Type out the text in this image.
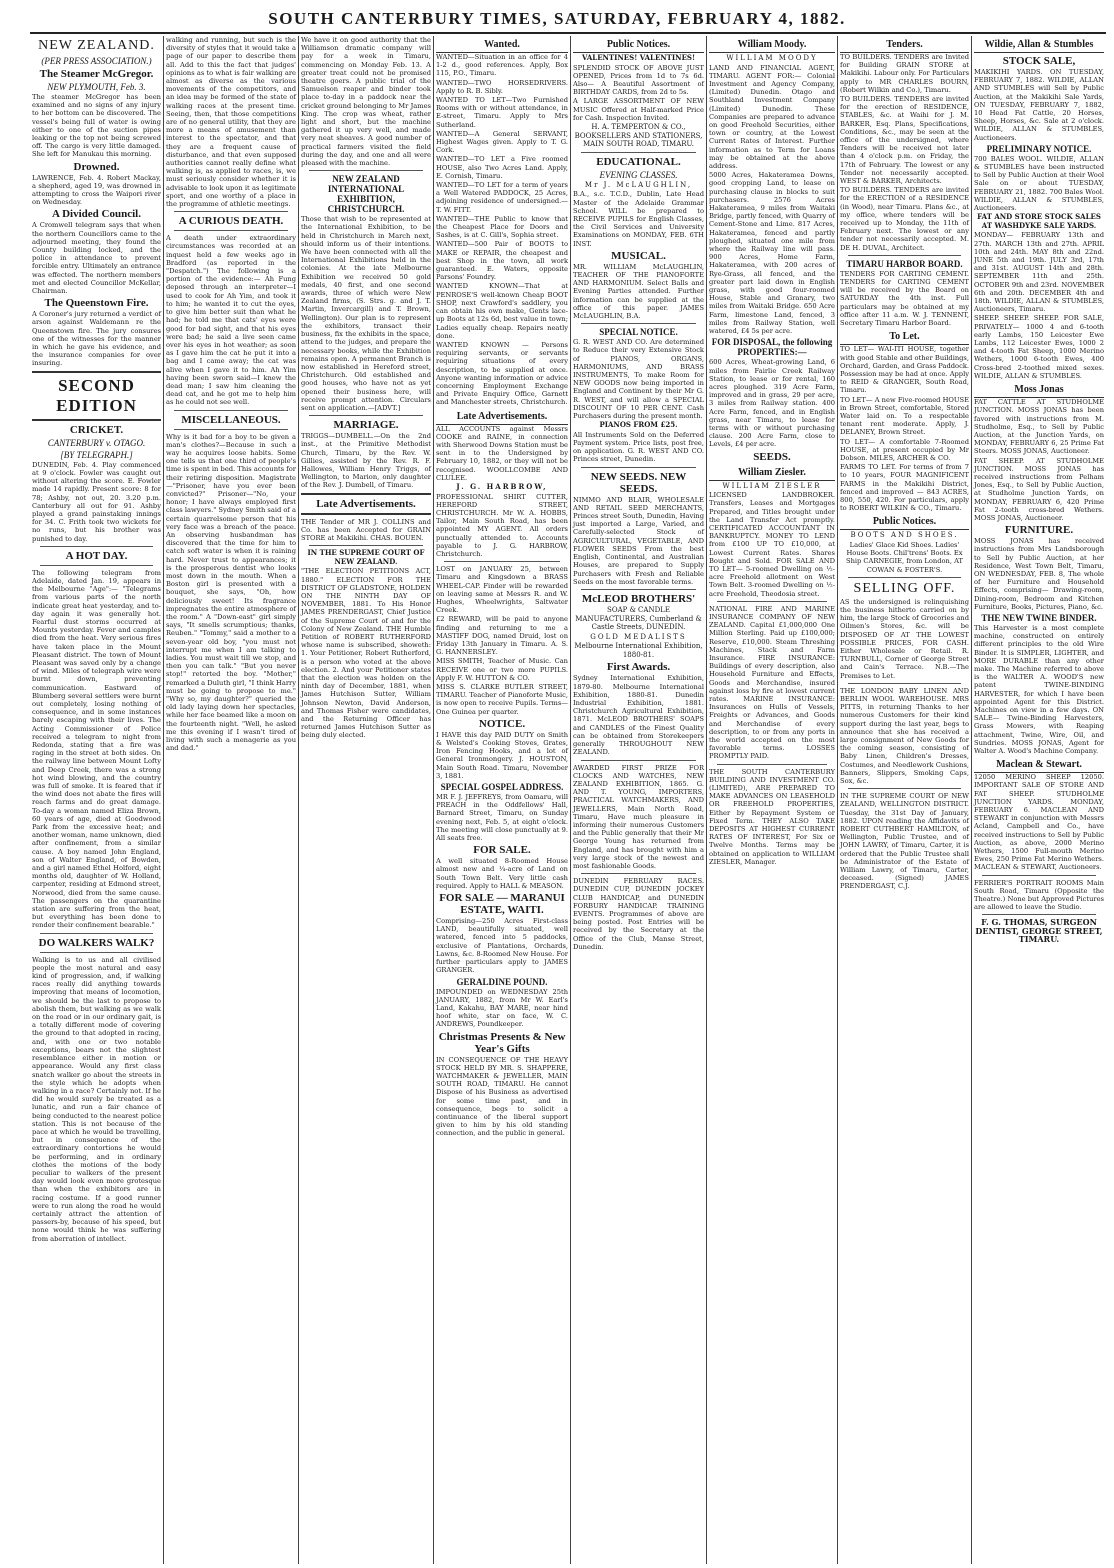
SOUTH CANTERBURY TIMES, SATURDAY, FEBRUARY 4, 1882.
NEW ZEALAND.
(PER PRESS ASSOCIATION.)
The Steamer McGregor.
NEW PLYMOUTH, Feb. 3.

The steamer McGregor has been examined and no signs of any injury to her bottom can be discovered. The vessel's being full of water is owing either to one of the suction pipes leaking or the top not being screwed off. The cargo is very little damaged. She left for Manukau this morning.

Drowned.

LAWRENCE, Feb. 4. Robert Mackay, a shepherd, aged 19, was drowned in attempting to cross the Waipori river on Wednesday.

A Divided Council.

A Cromwell telegram says that when the northern Councillors came to the adjourned meeting, they found the County building locked, and the police in attendance to prevent forcible entry. Ultimately an entrance was effected. The northern members met and elected Councillor McKellar, Chairman.

The Queenstown Fire.

A Coroner's jury returned a verdict of arson against Waldemann re the Queenstown fire. The jury consures one of the witnesses for the manner in which he gave his evidence, and the insurance companies for over insuring.

SECOND EDITION
CRICKET.
CANTERBURY v. OTAGO.
[BY TELEGRAPH.]

DUNEDIN, Feb. 4. Play commenced at 9 o'clock. Fowler was caught out without altering the score. E. Fowler made 14 rapidly. Present score: 8 for 78; Ashby, not out, 20. 3.20 p.m. Canterbury all out for 91. Ashby played a grand painstaking innings for 34. C. Frith took two wickets for no runs, but his brother was punished to day.

A HOT DAY.

The following telegram from Adelaide, dated Jan. 19, appears in the Melbourne "Age":— "Telegrams from various parts of the north indicate great heat yesterday, and to-day again it was generally hot. Fearful dust storms occurred at Mounts yesterday. Fever and camples died from the heat. Very serious fires have taken place in the Mount Pleasant district. The town of Mount Pleasant was saved only by a change of wind. Miles of telegraph wire were burnt down, preventing communication. Eastward of Blumberg several settlers were burnt out completely, losing nothing of consequence, and in some instances barely escaping with their lives. The Acting Commissioner of Police received a telegram to night from Redonda, stating that a fire was raging in the street at both sides. On the railway line between Mount Lofty and Deep Creek, there was a strong hot wind blowing, and the country was full of smoke. It is feared that if the wind does not abate the fires will reach farms and do great damage. To-day a woman named Eliza Brown, 60 years of age, died at Goodwood Park from the excessive heat; and another woman, name unknown, died after confinement, from a similar cause. A boy named John England, son of Walter England, of Bowden, and a girl named Ethel Holford, eight months old, daughter of W. Holland, carpenter, residing at Edmond street, Norwood, died from the same cause. The passengers on the quarantine station are suffering from the heat, but everything has been done to render their confinement bearable."

DO WALKERS WALK?

Walking is to us and all civilised people the most natural and easy kind of progression, and, if walking races really did anything towards improving that means of locomotion, we should be the last to propose to abolish them, but walking as we walk on the road or in our ordinary gait, is a totally different mode of covering the ground to that adopted in racing, and, with one or two notable exceptions, bears not the slightest resemblance either in motion or appearance. Would any first class snatch walker go about the streets in the style which he adopts when walking in a race? Certainly not. If he did he would surely be treated as a lunatic, and run a fair chance of being conducted to the nearest police station. This is not because of the pace at which he would be travelling, but in consequence of the extraordinary contortions he would be performing, and in ordinary clothes the motions of the body peculiar to walkers of the present day would look even more grotesque than when the exhibitors are in racing costume. If a good runner were to run along the road he would certainly attract the attention of passers-by, because of his speed, but none would think he was suffering from aberration of intellect.

walking and running, but such is the diversity of styles that it would take a page of our paper to describe them all. Add to this the fact that judges' opinions as to what is fair walking are almost as diverse as the various movements of the competitors, and an idea may be formed of the state of walking races at the present time. Seeing, then, that those competitions are of no general utility, that they are more a means of amusement than interest to the spectator, and that they are a frequent cause of disturbance, and that even supposed authorities cannot really define what walking is, as applied to races, is, we must seriously consider whether it is advisable to look upon it as legitimate sport, and one worthy of a place in the programme of athletic meetings.

A CURIOUS DEATH.

A death under extraordinary circumstances was recorded at an inquest held a few weeks ago in Bradford (as reported in the "Despatch.") The following is a portion of the evidence:— Ah Fung deposed through an interpreter—I used to cook for Ah Yim, and took it to him; he wanted it to cut the eyes, to give him better suit than what he had; he told me that cats' eyes were good for bad sight, and that his eyes were bad; he said a live seen came over his eyes in hot weather; as soon as I gave him the cat he put it into a bag and I came away; the cat was alive when I gave it to him. Ah Yim having been sworn said—I knew the dead man; I saw him cleaning the dead cat, and he got me to help him as he could not see well.

MISCELLANEOUS.

Why is it bad for a boy to be given a man's clothes?—Because in such a way he acquires loose habits. Some one tells us that one third of people's time is spent in bed. This accounts for their retiring disposition. Magistrate—"Prisoner, have you ever been convicted?" Prisoner—"No, your honor; I have always employed first class lawyers." Sydney Smith said of a certain quarrelsome person that his very face was a breach of the peace. An observing husbandman has discovered that the time for him to catch soft water is when it is raining hard. Never trust to appearances; it is the prosperous dentist who looks most down in the mouth. When a Boston girl is presented with a bouquet, she says, "Oh, how deliciously sweet! Its fragrance impregnates the entire atmosphere of the room." A "Down-east" girl simply says, "It smells scrumptious; thanks, Reuben." "Tommy," said a mother to a seven-year old boy, "you must not interrupt me when I am talking to ladies. You must wait till we stop, and then you can talk." "But you never stop!" retorted the boy. "Mother," remarked a Duluth girl, "I think Harry must be going to propose to me." "Why so, my daughter?" queried the old lady laying down her spectacles, while her face beamed like a moon on the fourteenth night. "Well, he asked me this evening if I wasn't tired of living with such a menagerie as you and dad."

We have it on good authority that the Williamson dramatic company will pay for a week in Timaru, commencing on Monday Feb. 13. A greater treat could not be promised theatre goers. A public trial of the Samuelson reaper and binder took place to-day in a paddock near the cricket ground belonging to Mr James King. The crop was wheat, rather light and short, but the machine gathered it up very well, and made very neat sheaves. A good number of practical farmers visited the field during the day, and one and all were pleased with the machine.

NEW ZEALAND INTERNATIONAL EXHIBITION, CHRISTCHURCH.

Those that wish to be represented at the International Exhibition, to be held in Christchurch in March next, should inform us of their intentions. We have been connected with all the International Exhibitions held in the colonies. At the late Melbourne Exhibition we received 50 gold medals, 40 first, and one second awards, three of which were New Zealand firms, (S. Strs. g. and J. T. Martin, Invercargill) and T. Brown, Wellington). Our plan is to represent the exhibitors, transact their business, fix the exhibits in the space, attend to the judges, and prepare the necessary books, while the Exhibition remains open. A permanent Branch is now established in Hereford street, Christchurch. Old established and good houses, who have not as yet opened their business here, will receive prompt attention. Circulars sent on application.—[ADVT.]

MARRIAGE.

TRIGGS—DUMBELL.—On the 2nd inst., at the Primitive Methodist Church, Timaru, by the Rev. W. Gillies, assisted by the Rev. R. F. Hallowes, William Henry Triggs, of Wellington, to Marion, only daughter of the Rev. J. Dumbell, of Timaru.

Late Advertisements.

THE Tender of MR J. COLLINS and Co. has been Accepted for GRAIN STORE at Makikihi. CHAS. BOUEN.

IN THE SUPREME COURT OF NEW ZEALAND.

"THE ELECTION PETITIONS ACT, 1880." ELECTION FOR THE DISTRICT OF GLADSTONE, HOLDEN ON THE NINTH DAY OF NOVEMBER, 1881. To His Honor JAMES PRENDERGAST, Chief Justice of the Supreme Court of and for the Colony of New Zealand. THE Humble Petition of ROBERT RUTHERFORD whose name is subscribed, showeth: 1. Your Petitioner, Robert Rutherford, is a person who voted at the above election. 2. And your Petitioner states that the election was holden on the ninth day of December, 1881, when James Hutchison Sutter, William Johnson Newton, David Anderson, and Thomas Fisher were candidates, and the Returning Officer has returned James Hutchison Sutter as being duly elected.

Wanted.

WANTED—Situation in an office for 4 1-2 d., good references. Apply, Box 115, P.O., Timaru.

WANTED—TWO HORSEDRIVERS. Apply to R. B. Sibly.

WANTED TO LET—Two Furnished Rooms with or without attendance, in E-street, Timaru. Apply to Mrs Sutherland.

WANTED—A General SERVANT, Highest Wages given. Apply to T. G. Cork.

WANTED—TO LET a Five roomed HOUSE, also Two Acres Land. Apply, E. Cornish, Timaru.

WANTED—TO LET for a term of years a Well Watered PADDOCK, 25 Acres, adjoining residence of undersigned.—T. W. FITT.

WANTED—THE Public to know that the Cheapest Place for Doors and Sashes, is at C. Gill's, Sophia street.

WANTED—500 Pair of BOOTS to MAKE or REPAIR, the cheapest and best Shop in the town, all work guaranteed. E. Waters, opposite Parsons' Foundry.

WANTED KNOWN—That at PENROSE'S well-known Cheap BOOT SHOP, next Crawford's saddlery, you can obtain his own make, Gents lace-up Boots at 12s 6d, best value in town; Ladies equally cheap. Repairs neatly done.

WANTED KNOWN — Persons requiring servants, or servants requiring situations of every description, to be supplied at once. Anyone wanting information or advice concerning Employment Exchange and Private Enquiry Office, Garnett and Manchester streets, Christchurch.

Late Advertisements.

ALL ACCOUNTS against Messrs COOKE and RAINE, in connection with Sherwood Downs Station must be sent in to the Undersigned by February 10, 1882, or they will not be recognised. WOOLLCOMBE AND CLULEE.

J. G. HARBROW,

PROFESSIONAL SHIRT CUTTER, HEREFORD STREET, CHRISTCHURCH. Mr W. A. HOBBS, Tailor, Main South Road, has been appointed MY AGENT. All orders punctually attended to. Accounts payable to J. G. HARBROW, Christchurch.

LOST on JANUARY 25, between Timaru and Kingsdown a BRASS WHEEL-CAP. Finder will be rewarded on leaving same at Messrs R. and W. Hughes, Wheelwrights, Saltwater Creek.

£2 REWARD, will be paid to anyone finding and returning to me a MASTIFF DOG, named Druid, lost on Friday 13th January in Timaru. A. S. G. HANNERSLEY.

MISS SMITH, Teacher of Music. Can RECEIVE one or two more PUPILS. Apply F. W. HUTTON & CO.

MISS S. CLARKE BUTLER STREET, TIMARU. Teacher of Pianoforte Music, is now open to receive Pupils. Terms—One Guinea per quarter.

NOTICE.

I HAVE this day PAID DUTY on Smith & Welsted's Cooking Stoves, Grates, Iron Fencing Hooks, and a lot of General Ironmongery. J. HOUSTON, Main South Road. Timaru, November 3, 1881.

SPECIAL GOSPEL ADDRESS.

MR F. J. JEFFREYS, from Oamaru, will PREACH in the Oddfellows' Hall, Barnard Street, Timaru, on Sunday evening next, Feb. 5, at eight o'clock. The meeting will close punctually at 9. All seats free.

FOR SALE.

A well situated 8-Roomed House almost new and ¼-acre of Land on South Town Belt. Very little cash required. Apply to HALL & MEASON.

FOR SALE — MARANUI ESTATE, WAITI.

Comprising—250 Acres First-class LAND, beautifully situated, well watered, fenced into 5 paddocks, exclusive of Plantations, Orchards, Lawns, &c. 8-Roomed New House. For further particulars apply to JAMES GRANGER.

GERALDINE POUND.

IMPOUNDED on WEDNESDAY 25th JANUARY, 1882, from Mr W. Earl's Land, Kakahu, BAY MARE, near hind hoof white, star on face, W. C. ANDREWS, Poundkeeper.

Christmas Presents & New Year's Gifts

IN CONSEQUENCE OF THE HEAVY STOCK HELD BY MR. S. SHAPPERE, WATCHMAKER & JEWELLER, MAIN SOUTH ROAD, TIMARU. He cannot Dispose of his Business as advertised for some time past, and in consequence, begs to solicit a continuance of the liberal support given to him by his old standing connection, and the public in general.

Public Notices.
VALENTINES! VALENTINES!

SPLENDID STOCK OF ABOVE JUST OPENED, Prices from 1d to 7s 6d. Also— A Beautiful Assortment of BIRTHDAY CARDS, from 2d to 5s.

A LARGE ASSORTMENT OF NEW MUSIC Offered at Half-marked Price for Cash. Inspection Invited.

H. A. TEMPERTON & CO., BOOKSELLERS AND STATIONERS, MAIN SOUTH ROAD, TIMARU.
EDUCATIONAL.
EVENING CLASSES.
Mr J. McLAUGHLIN,

B.A., s.c. T.C.D., Dublin, Late Head Master of the Adelaide Grammar School. WILL be prepared to RECEIVE PUPILS for English Classes, the Civil Services and University Examinations on MONDAY, FEB. 6TH INST.

MUSICAL.

MR. WILLIAM McLAUGHLIN, TEACHER OF THE PIANOFORTE AND HARMONIUM. Select Balls and Evening Parties attended. Further information can be supplied at the office of this paper. JAMES McLAUGHLIN, B.A.

SPECIAL NOTICE.

G. R. WEST AND CO. Are determined to Reduce their very Extensive Stock of PIANOS, ORGANS, HARMONIUMS, AND BRASS INSTRUMENTS, To make Room for NEW GOODS now being imported in England and Continent by their Mr G. R. WEST, and will allow a SPECIAL DISCOUNT OF 10 PER CENT. Cash Purchasers during the present month.

PIANOS FROM £25.

All Instruments Sold on the Deferred Payment system. Price lists, post free, on application. G. R. WEST AND CO. Princes street, Dunedin.

NEW SEEDS. NEW SEEDS.

NIMMO AND BLAIR, WHOLESALE AND RETAIL SEED MERCHANTS, Princes street South, Dunedin, Having just imported a Large, Varied, and Carefully-selected Stock of AGRICULTURAL, VEGETABLE, AND FLOWER SEEDS From the best English, Continental, and Australian Houses, are prepared to Supply Purchasers with Fresh and Reliable Seeds on the most favorable terms.

McLEOD BROTHERS'
SOAP & CANDLE MANUFACTURERS, Cumberland & Castle Streets, DUNEDIN.
GOLD MEDALISTS
Melbourne International Exhibition, 1880-81.
First Awards.

Sydney International Exhibition, 1879-80. Melbourne International Exhibition, 1880-81. Dunedin Industrial Exhibition, 1881. Christchurch Agricultural Exhibition, 1871. McLEOD BROTHERS' SOAPS and CANDLES of the Finest Quality can be obtained from Storekeepers generally THROUGHOUT NEW ZEALAND.

AWARDED FIRST PRIZE FOR CLOCKS AND WATCHES, NEW ZEALAND EXHIBITION, 1865. G. AND T. YOUNG, IMPORTERS, PRACTICAL WATCHMAKERS, AND JEWELLERS, Main North Road, Timaru, Have much pleasure in informing their numerous Customers and the Public generally that their Mr George Young has returned from England, and has brought with him a very large stock of the newest and most fashionable Goods.

DUNEDIN FEBRUARY RACES. DUNEDIN CUP, DUNEDIN JOCKEY CLUB HANDICAP, and DUNEDIN FORBURY HANDICAP. TRAINING EVENTS. Programmes of above are being posted. Post Entries will be received by the Secretary at the Office of the Club, Manse Street, Dunedin.

William Moody.
WILLIAM MOODY

LAND AND FINANCIAL AGENT, TIMARU. AGENT FOR:— Colonial Investment and Agency Company, (Limited) Dunedin. Otago and Southland Investment Company (Limited) Dunedin. These Companies are prepared to advance on good Freehold Securities, either town or country, at the Lowest Current Rates of Interest. Further information as to Term for Loans may be obtained at the above address.

5000 Acres, Hakateramea Downs, good cropping Land, to lease on purchasing clause in blocks to suit purchasers. 2576 Acres Hakateramea, 9 miles from Waitaki Bridge, partly fenced, with Quarry of Cement-Stone and Lime. 817 Acres, Hakateramea, fenced and partly ploughed, situated one mile from where the Railway line will pass. 900 Acres, Home Farm, Hakateramea, with 200 acres of Rye-Grass, all fenced, and the greater part laid down in English grass, with good four-roomed House, Stable and Granary, two miles from Waitaki Bridge. 650 Acre Farm, limestone Land, fenced, 3 miles from Railway Station, well watered, £4 5s per acre.

FOR DISPOSAL, the following PROPERTIES:—

600 Acres, Wheat-growing Land, 6 miles from Fairlie Creek Railway Station, to lease or for rental, 160 acres ploughed. 319 Acre Farm, improved and in grass, 29 per acre, 3 miles from Railway station. 400 Acre Farm, fenced, and in English grass, near Timaru, to lease for terms with or without purchasing clause. 200 Acre Farm, close to Levels, £4 per acre.

SEEDS.
William Ziesler.
WILLIAM ZIESLER

LICENSED LANDBROKER. Transfers, Leases and Mortgages Prepared, and Titles brought under the Land Transfer Act promptly. CERTIFICATED ACCOUNTANT IN BANKRUPTCY. MONEY TO LEND from £100 UP TO £10,000, at Lowest Current Rates. Shares Bought and Sold. FOR SALE AND TO LET— 5-roomed Dwelling on ½-acre Freehold allotment on West Town Belt. 3-roomed Dwelling on ½-acre Freehold, Theodosia street.

NATIONAL FIRE AND MARINE INSURANCE COMPANY OF NEW ZEALAND. Capital £1,000,000 One Million Sterling. Paid up £100,000; Reserve, £10,000. Steam Threshing Machines, Stack and Farm Insurance. FIRE INSURANCE: Buildings of every description, also Household Furniture and Effects, Goods and Merchandise, insured against loss by fire at lowest current rates. MARINE INSURANCE: Insurances on Hulls of Vessels, Freights or Advances, and Goods and Merchandise of every description, to or from any ports in the world accepted on the most favorable terms. LOSSES PROMPTLY PAID.

THE SOUTH CANTERBURY BUILDING AND INVESTMENT CO. (LIMITED), ARE PREPARED TO MAKE ADVANCES ON LEASEHOLD OR FREEHOLD PROPERTIES, Either by Repayment System or Fixed Term. THEY ALSO TAKE DEPOSITS AT HIGHEST CURRENT RATES OF INTEREST, For Six or Twelve Months. Terms may be obtained on application to WILLIAM ZIESLER, Manager.

Tenders.

TO BUILDERS. TENDERS are Invited for Building GRAIN STORE at Makikihi. Labour only. For Particulars apply to MR CHARLES BOURN, (Robert Wilkin and Co.), Timaru.

TO BUILDERS. TENDERS are invited for the erection of RESIDENCE, STABLES, &c. at Waihi for J. M. BARKER, Esq. Plans, Specifications, Conditions, &c., may be seen at the office of the undersigned, where Tenders will be received not later than 4 o'clock p.m. on Friday, the 17th of February. The lowest or any Tender not necessarily accepted. WEST & BARKER, Architects.

TO BUILDERS. TENDERS are invited for the ERECTION of a RESIDENCE (in Wood), near Timaru. Plans &c., at my office, where tenders will be received up to Monday, the 11th of February next. The lowest or any tender not necessarily accepted. M. DE H. DUVAL, Architect.

TIMARU HARBOR BOARD.

TENDERS FOR CARTING CEMENT. TENDERS for CARTING CEMENT will be received by the Board on SATURDAY the 4th inst. Full particulars may be obtained at my office after 11 a.m. W. J. TENNENT, Secretary Timaru Harbor Board.

To Let.

TO LET— WAI-ITI HOUSE, together with good Stable and other Buildings, Orchard, Garden, and Grass Paddock. Possession may be had at once. Apply to REID & GRANGER, South Road, Timaru.

TO LET— A new Five-roomed HOUSE in Brown Street, comfortable, Stored Water laid on. To a respectable tenant rent moderate. Apply, J. DELANEY, Brown Street.

TO LET— A comfortable 7-Roomed HOUSE, at present occupied by Mr Dobson. MILES, ARCHER & CO.

FARMS TO LET. For terms of from 7 to 10 years, FOUR MAGNIFICENT FARMS in the Makikihi District, fenced and improved — 843 ACRES, 800, 550, 420. For particulars, apply to ROBERT WILKIN & CO., Timaru.

Public Notices.
BOOTS AND SHOES.

Ladies' Glace Kid Shoes. Ladies' House Boots. Chil'trens' Boots. Ex Ship CARNEGIE, from London, AT COWAN & FOSTER'S.

SELLING OFF.

AS the undersigned is relinquishing the business hitherto carried on by him, the large Stock of Grocories and Oilmen's Stores, &c. will be DISPOSED OF AT THE LOWEST POSSIBLE PRICES, FOR CASH. Either Wholesale or Retail. R. TURNBULL, Corner of George Street and Cain's Terrace. N.B.—The Premises to Let.

THE LONDON BABY LINEN AND BERLIN WOOL WAREHOUSE. MRS PITTS, in returning Thanks to her numerous Customers for their kind support during the last year, begs to announce that she has received a large consignment of New Goods for the coming season, consisting of Baby Linen, Children's Dresses, Costumes, and Needlework Cushions, Banners, Slippers, Smoking Caps, Sox, &c.

IN THE SUPREME COURT OF NEW ZEALAND, WELLINGTON DISTRICT. Tuesday, the 31st Day of January, 1882. UPON reading the Affidavits of ROBERT CUTHBERT HAMILTON, of Wellington, Public Trustee, and of JOHN LAWRY, of Timaru, Carter, it is ordered that the Public Trustee shall be Administrator of the Estate of William Lawry, of Timaru, Carter, deceased. (Signed) JAMES PRENDERGAST, C.J.

Wildie, Allan & Stumbles
STOCK SALE,

MAKIKIHI YARDS. ON TUESDAY, FEBRUARY 7, 1882. WILDIE, ALLAN AND STUMBLES will Sell by Public Auction, at the Makikihi Sale Yards, ON TUESDAY, FEBRUARY 7, 1882, 10 Head Fat Cattle, 20 Horses, Sheep, Horses, &c. Sale at 2 o'clock. WILDIE, ALLAN & STUMBLES, Auctioneers.

PRELIMINARY NOTICE.

700 BALES WOOL. WILDIE, ALLAN & STUMBLES have been instructed to Sell by Public Auction at their Wool Sale on or about TUESDAY, FEBRUARY 21, 1882. 700 Bales Wool. WILDIE, ALLAN & STUMBLES, Auctioneers.

FAT AND STORE STOCK SALES AT WASHDYKE SALE YARDS.

MONDAY— FEBRUARY 13th and 27th. MARCH 13th and 27th. APRIL 10th and 24th. MAY 8th and 22nd. JUNE 5th and 19th. JULY 3rd, 17th and 31st. AUGUST 14th and 28th. SEPTEMBER 11th and 25th. OCTOBER 9th and 23rd. NOVEMBER 6th and 20th. DECEMBER 4th and 18th. WILDIE, ALLAN & STUMBLES, Auctioneers, Timaru.

SHEEP. SHEEP. SHEEP. FOR SALE, PRIVATELY— 1000 4 and 6-tooth early Lambs, 150 Leicester Ewe Lambs, 112 Leicester Ewes, 1000 2 and 4-tooth Fat Sheep, 1000 Merino Wethers, 1000 6-tooth Ewes, 400 Cross-bred 2-toothed mixed sexes. WILDIE, ALLAN & STUMBLES.

Moss Jonas

FAT CATTLE AT STUDHOLME JUNCTION. MOSS JONAS has been favored with instructions from M. Studholme, Esq., to Sell by Public Auction, at the Junction Yards, on MONDAY, FEBRUARY 6, 25 Prime Fat Steers. MOSS JONAS, Auctioneer.

FAT SHEEP. AT STUDHOLME JUNCTION. MOSS JONAS has received instructions from Pelham Jones, Esq., to Sell by Public Auction, at Studholme Junction Yards, on MONDAY, FEBRUARY 6, 420 Prime Fat 2-tooth cross-bred Wethers. MOSS JONAS, Auctioneer.

FURNITURE.

MOSS JONAS has received instructions from Mrs Landsborough to Sell by Public Auction, at her Residence, West Town Belt, Timaru, ON WEDNESDAY, FEB. 8, The whole of her Furniture and Household Effects, comprising— Drawing-room, Dining-room, Bedroom and Kitchen Furniture, Books, Pictures, Piano, &c.

THE NEW TWINE BINDER.

This Harvester is a most complete machine, constructed on entirely different principles to the old Wire Binder. It is SIMPLER, LIGHTER, and MORE DURABLE than any other make. The Machine referred to above is the WALTER A. WOOD'S new patent TWINE-BINDING HARVESTER, for which I have been appointed Agent for this District. Machines on view in a few days. ON SALE— Twine-Binding Harvesters, Grass Mowers, with Reaping attachment, Twine, Wire, Oil, and Sundries. MOSS JONAS, Agent for Walter A. Wood's Machine Company.

Maclean & Stewart.

12050 MERINO SHEEP 12050. IMPORTANT SALE OF STORE AND FAT SHEEP. STUDHOLME JUNCTION YARDS. MONDAY, FEBRUARY 6. MACLEAN AND STEWART in conjunction with Messrs Acland, Campbell and Co., have received instructions to Sell by Public Auction, as above, 2000 Merino Wethers, 1500 Full-mouth Merino Ewes, 250 Prime Fat Merino Wethers. MACLEAN & STEWART, Auctioneers.

FERRIER'S PORTRAIT ROOMS Main South Road, Timaru (Opposite the Theatre.) None but Approved Pictures are allowed to leave the Studio.

F. G. THOMAS, SURGEON DENTIST, GEORGE STREET, TIMARU.
